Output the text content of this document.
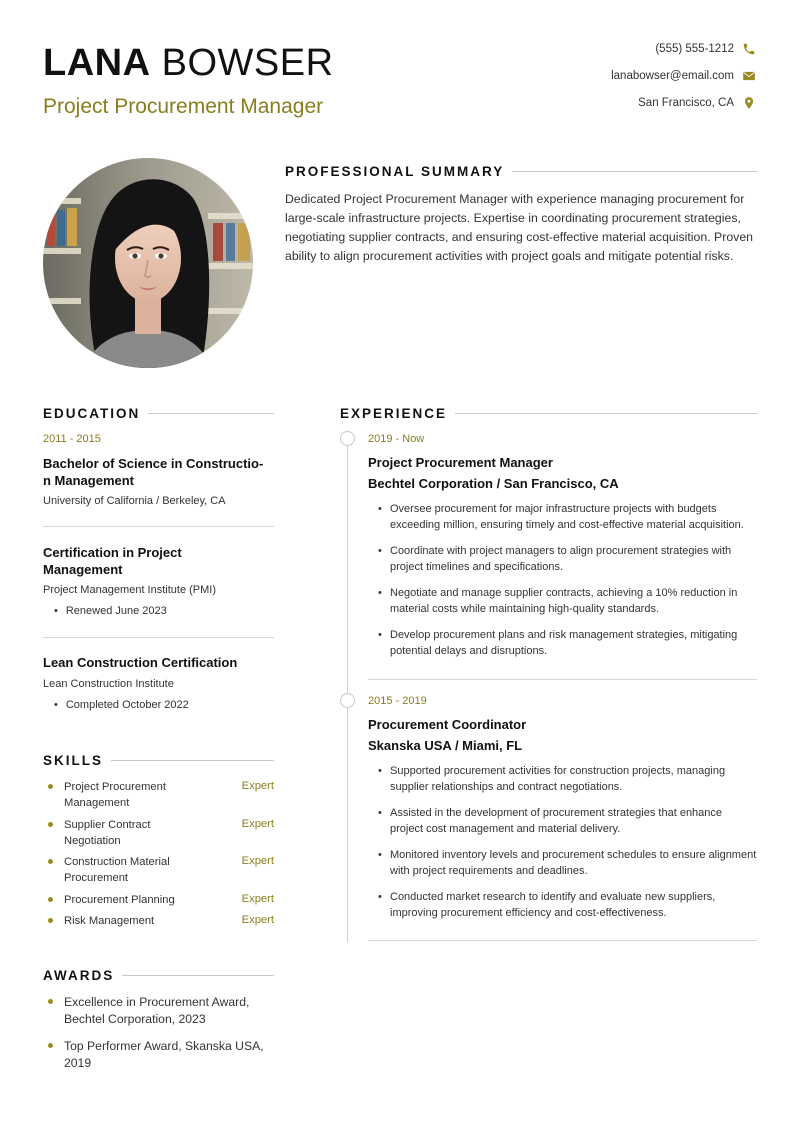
LANA BOWSER
Project Procurement Manager
(555) 555-1212
lanabowser@email.com
San Francisco, CA
PROFESSIONAL SUMMARY
Dedicated Project Procurement Manager with experience managing procurement for large-scale infrastructure projects. Expertise in coordinating procurement strategies, negotiating supplier contracts, and ensuring cost-effective material acquisition. Proven ability to align procurement activities with project goals and mitigate potential risks.
EDUCATION
2011 - 2015
Bachelor of Science in Constructio-
n Management
University of California / Berkeley, CA
Certification in Project
Management
Project Management Institute (PMI)
• Renewed June 2023
Lean Construction Certification
Lean Construction Institute
• Completed October 2022
SKILLS
Project Procurement
Management
Expert
Supplier Contract
Negotiation
Expert
Construction Material
Procurement
Expert
Procurement Planning	Expert
Risk Management	Expert
AWARDS
Excellence in Procurement Award,
Bechtel Corporation, 2023
Top Performer Award, Skanska USA,
2019
EXPERIENCE
2019 - Now
Project Procurement Manager
Bechtel Corporation / San Francisco, CA
• Oversee procurement for major infrastructure projects with budgets
exceeding million, ensuring timely and cost-effective material acquisition.
• Coordinate with project managers to align procurement strategies with
project timelines and specifications.
• Negotiate and manage supplier contracts, achieving a 10% reduction in
material costs while maintaining high-quality standards.
• Develop procurement plans and risk management strategies, mitigating
potential delays and disruptions.
2015 - 2019
Procurement Coordinator
Skanska USA / Miami, FL
• Supported procurement activities for construction projects, managing
supplier relationships and contract negotiations.
• Assisted in the development of procurement strategies that enhance
project cost management and material delivery.
• Monitored inventory levels and procurement schedules to ensure alignment
with project requirements and deadlines.
• Conducted market research to identify and evaluate new suppliers,
improving procurement efficiency and cost-effectiveness.
